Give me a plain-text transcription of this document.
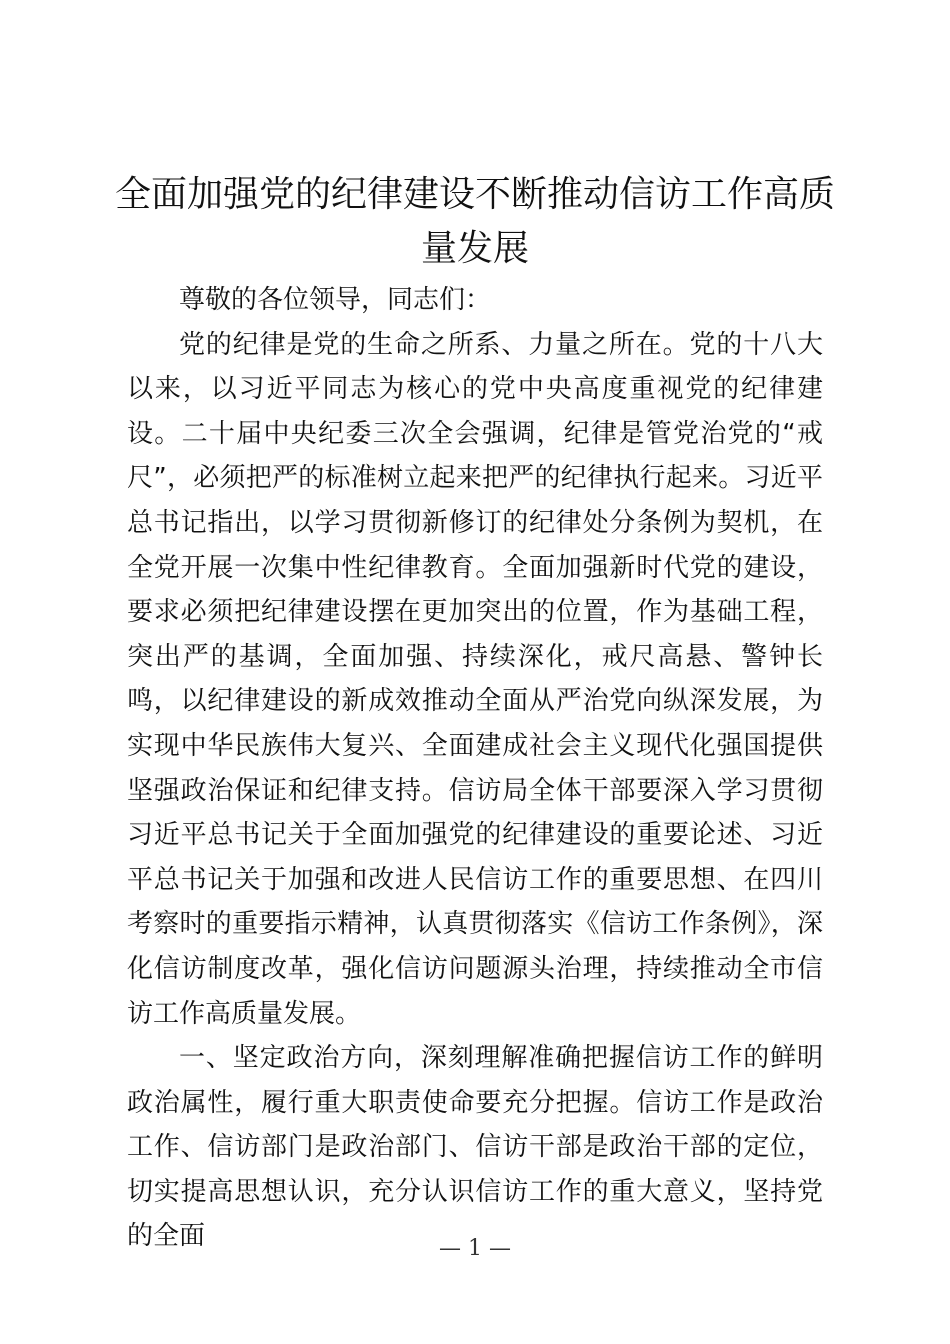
全面加强党的纪律建设不断推动信访工作高质量发展

尊敬的各位领导，同志们：

党的纪律是党的生命之所系、力量之所在。党的十八大以来，以习近平同志为核心的党中央高度重视党的纪律建设。二十届中央纪委三次全会强调，纪律是管党治党的“戒尺”，必须把严的标准树立起来把严的纪律执行起来。习近平总书记指出，以学习贯彻新修订的纪律处分条例为契机，在全党开展一次集中性纪律教育。全面加强新时代党的建设，要求必须把纪律建设摆在更加突出的位置，作为基础工程，突出严的基调，全面加强、持续深化，戒尺高悬、警钟长鸣，以纪律建设的新成效推动全面从严治党向纵深发展，为实现中华民族伟大复兴、全面建成社会主义现代化强国提供坚强政治保证和纪律支持。信访局全体干部要深入学习贯彻习近平总书记关于全面加强党的纪律建设的重要论述、习近平总书记关于加强和改进人民信访工作的重要思想、在四川考察时的重要指示精神，认真贯彻落实《信访工作条例》，深化信访制度改革，强化信访问题源头治理，持续推动全市信访工作高质量发展。

一、坚定政治方向，深刻理解准确把握信访工作的鲜明政治属性，履行重大职责使命要充分把握。信访工作是政治工作、信访部门是政治部门、信访干部是政治干部的定位，切实提高思想认识，充分认识信访工作的重大意义，坚持党的全面	— 1 —
